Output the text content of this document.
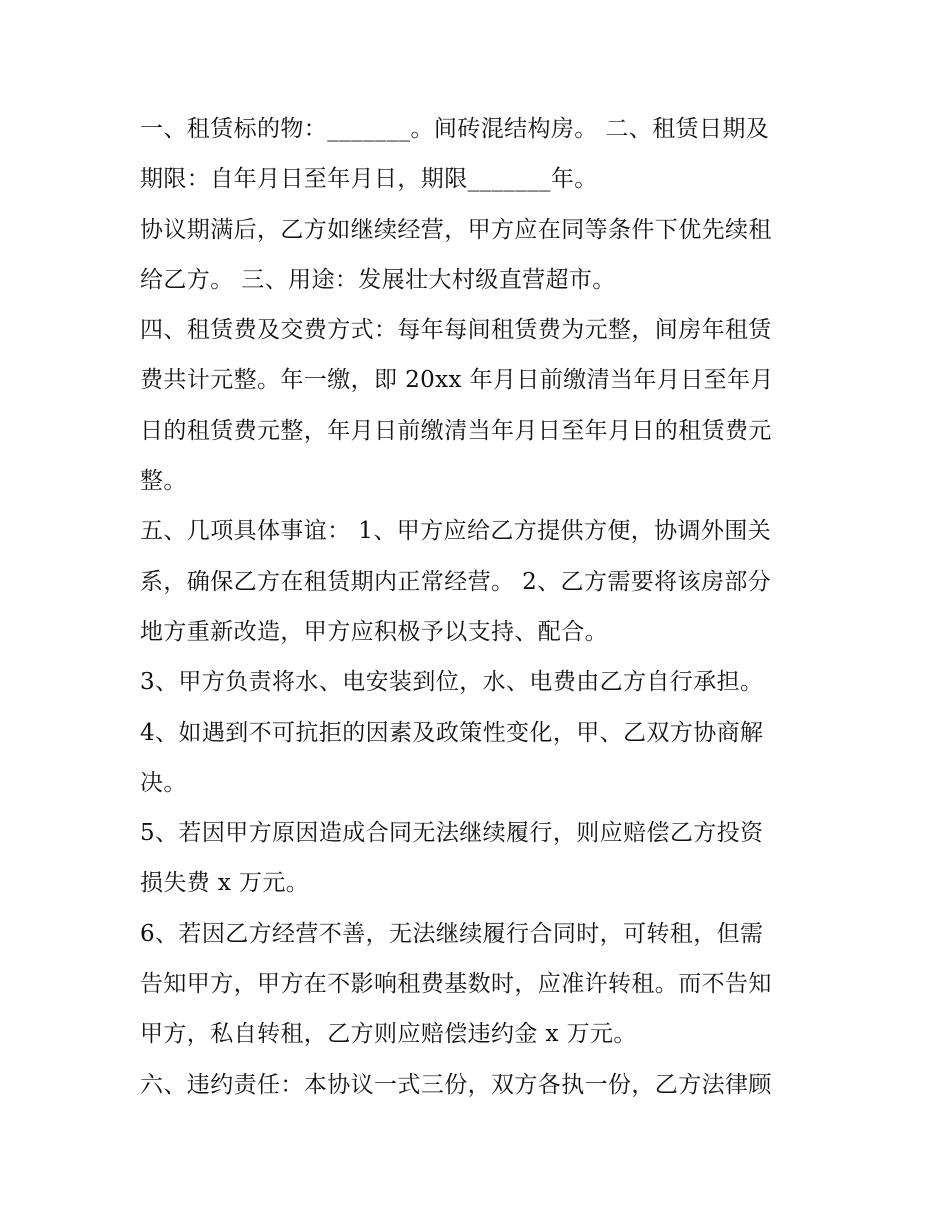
一、租赁标的物：_______。间砖混结构房。 二、租赁日期及
期限：自年月日至年月日，期限_______年。
协议期满后，乙方如继续经营，甲方应在同等条件下优先续租
给乙方。 三、用途：发展壮大村级直营超市。
四、租赁费及交费方式：每年每间租赁费为元整，间房年租赁
费共计元整。年一缴，即 20xx 年月日前缴清当年月日至年月
日的租赁费元整，年月日前缴清当年月日至年月日的租赁费元
整。
五、几项具体事谊： 1、甲方应给乙方提供方便，协调外围关
系，确保乙方在租赁期内正常经营。 2、乙方需要将该房部分
地方重新改造，甲方应积极予以支持、配合。
3、甲方负责将水、电安装到位，水、电费由乙方自行承担。
4、如遇到不可抗拒的因素及政策性变化，甲、乙双方协商解
决。
5、若因甲方原因造成合同无法继续履行，则应赔偿乙方投资
损失费 x 万元。
6、若因乙方经营不善，无法继续履行合同时，可转租，但需
告知甲方，甲方在不影响租费基数时，应准许转租。而不告知
甲方，私自转租，乙方则应赔偿违约金 x 万元。
六、违约责任：本协议一式三份，双方各执一份，乙方法律顾
